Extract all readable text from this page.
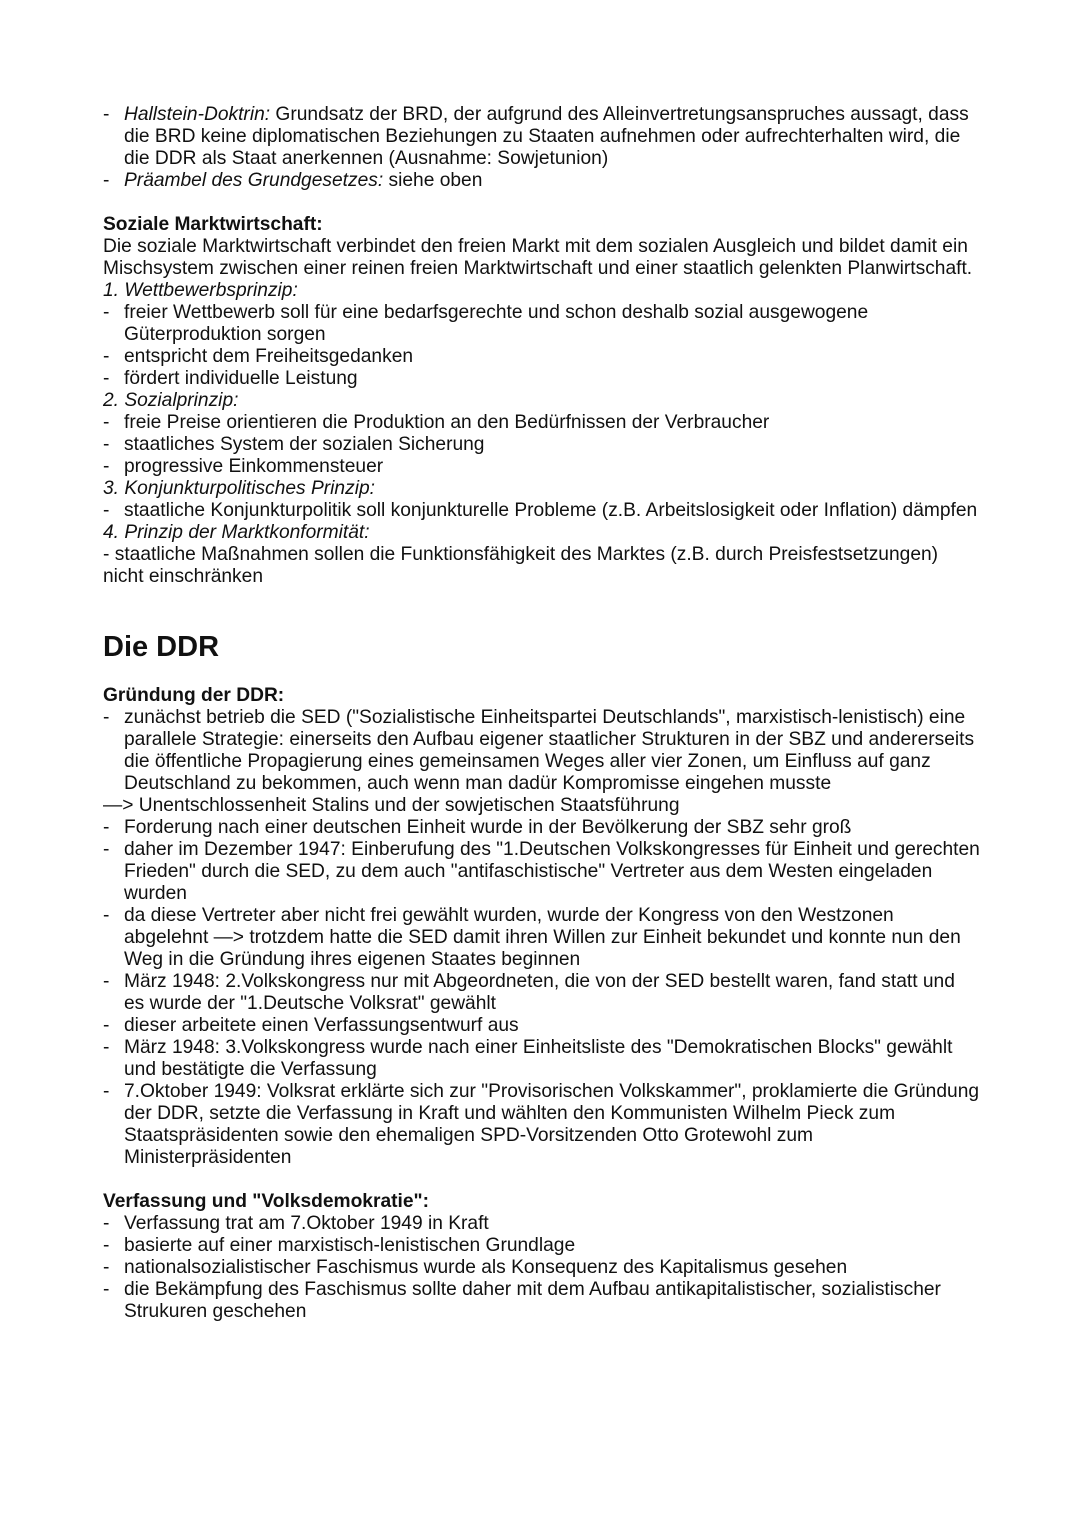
- Hallstein-Doktrin: Grundsatz der BRD, der aufgrund des Alleinvertretungsanspruches aussagt, dass die BRD keine diplomatischen Beziehungen zu Staaten aufnehmen oder aufrechterhalten wird, die die DDR als Staat anerkennen (Ausnahme: Sowjetunion)
- Präambel des Grundgesetzes: siehe oben
Soziale Marktwirtschaft:
Die soziale Marktwirtschaft verbindet den freien Markt mit dem sozialen Ausgleich und bildet damit ein Mischsystem zwischen einer reinen freien Marktwirtschaft und einer staatlich gelenkten Planwirtschaft.
1. Wettbewerbsprinzip:
- freier Wettbewerb soll für eine bedarfsgerechte und schon deshalb sozial ausgewogene Güterproduktion sorgen
- entspricht dem Freiheitsgedanken
- fördert individuelle Leistung
2. Sozialprinzip:
- freie Preise orientieren die Produktion an den Bedürfnissen der Verbraucher
- staatliches System der sozialen Sicherung
- progressive Einkommensteuer
3. Konjunkturpolitisches Prinzip:
- staatliche Konjunkturpolitik soll konjunkturelle Probleme (z.B. Arbeitslosigkeit oder Inflation) dämpfen
4. Prinzip der Marktkonformität:
- staatliche Maßnahmen sollen die Funktionsfähigkeit des Marktes (z.B. durch Preisfestsetzungen) nicht einschränken
Die DDR
Gründung der DDR:
- zunächst betrieb die SED ("Sozialistische Einheitspartei Deutschlands", marxistisch-lenistisch) eine parallele Strategie: einerseits den Aufbau eigener staatlicher Strukturen in der SBZ und andererseits die öffentliche Propagierung eines gemeinsamen Weges aller vier Zonen, um Einfluss auf ganz Deutschland zu bekommen, auch wenn man dadür Kompromisse eingehen musste
—> Unentschlossenheit Stalins und der sowjetischen Staatsführung
- Forderung nach einer deutschen Einheit wurde in der Bevölkerung der SBZ sehr groß
- daher im Dezember 1947: Einberufung des "1.Deutschen Volkskongresses für Einheit und gerechten Frieden" durch die SED, zu dem auch "antifaschistische" Vertreter aus dem Westen eingeladen wurden
- da diese Vertreter aber nicht frei gewählt wurden, wurde der Kongress von den Westzonen abgelehnt —> trotzdem hatte die SED damit ihren Willen zur Einheit bekundet und konnte nun den Weg in die Gründung ihres eigenen Staates beginnen
- März 1948: 2.Volkskongress nur mit Abgeordneten, die von der SED bestellt waren, fand statt und es wurde der "1.Deutsche Volksrat" gewählt
- dieser arbeitete einen Verfassungsentwurf aus
- März 1948: 3.Volkskongress wurde nach einer Einheitsliste des "Demokratischen Blocks" gewählt und bestätigte die Verfassung
- 7.Oktober 1949: Volksrat erklärte sich zur "Provisorischen Volkskammer", proklamierte die Gründung der DDR, setzte die Verfassung in Kraft und wählten den Kommunisten Wilhelm Pieck zum Staatspräsidenten sowie den ehemaligen SPD-Vorsitzenden Otto Grotewohl zum Ministerpräsidenten
Verfassung und "Volksdemokratie":
- Verfassung trat am 7.Oktober 1949 in Kraft
- basierte auf einer marxistisch-lenistischen Grundlage
- nationalsozialistischer Faschismus wurde als Konsequenz des Kapitalismus gesehen
- die Bekämpfung des Faschismus sollte daher mit dem Aufbau antikapitalistischer, sozialistischer Strukuren geschehen
